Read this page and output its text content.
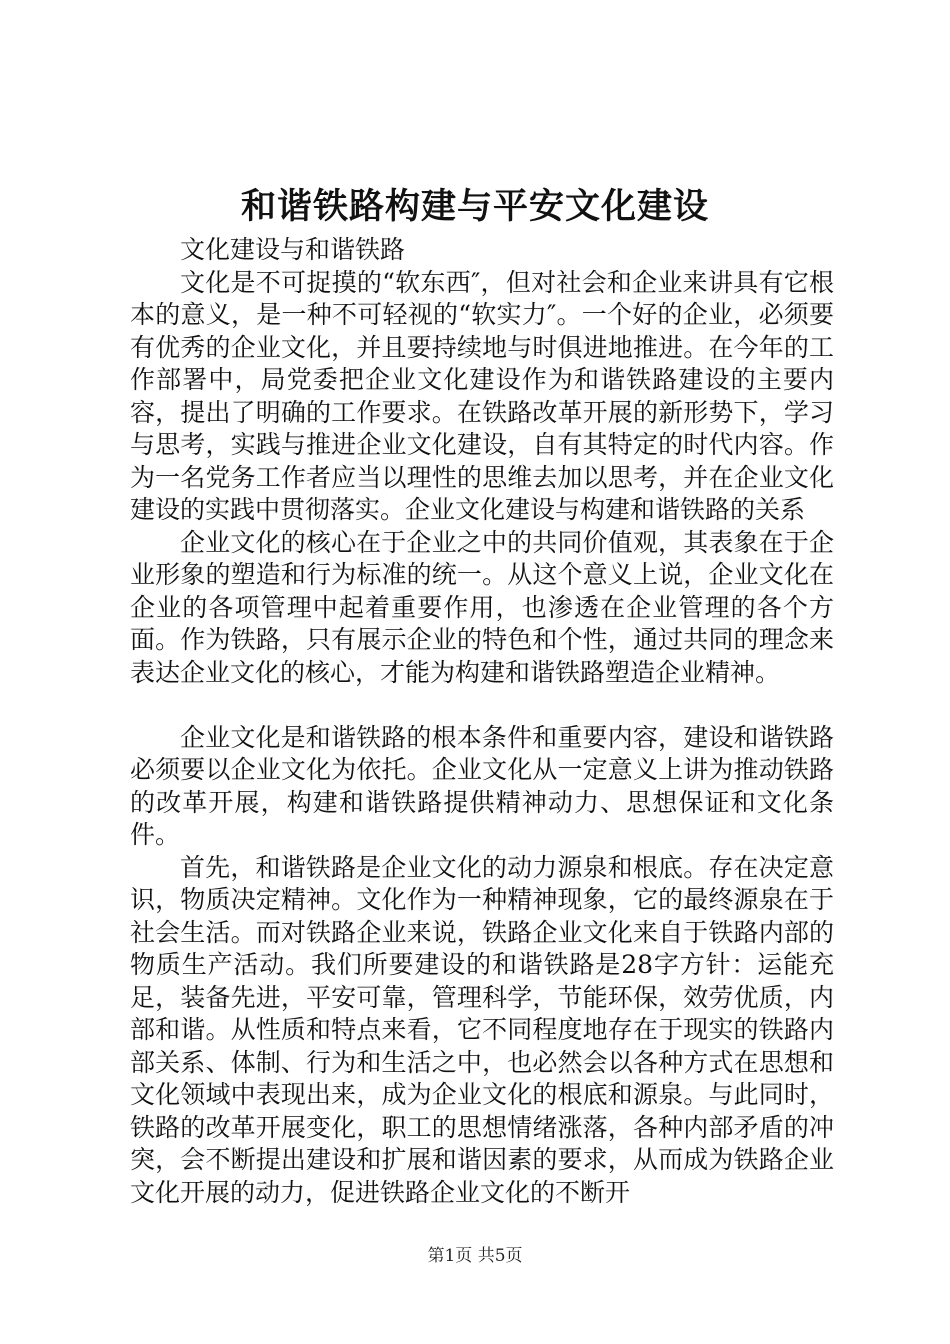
和谐铁路构建与平安文化建设

文化建设与和谐铁路

文化是不可捉摸的“软东西″，但对社会和企业来讲具有它根本的意义，是一种不可轻视的“软实力″。一个好的企业，必须要有优秀的企业文化，并且要持续地与时俱进地推进。在今年的工作部署中，局党委把企业文化建设作为和谐铁路建设的主要内容，提出了明确的工作要求。在铁路改革开展的新形势下，学习与思考，实践与推进企业文化建设，自有其特定的时代内容。作为一名党务工作者应当以理性的思维去加以思考，并在企业文化建设的实践中贯彻落实。企业文化建设与构建和谐铁路的关系

企业文化的核心在于企业之中的共同价值观，其表象在于企业形象的塑造和行为标准的统一。从这个意义上说，企业文化在企业的各项管理中起着重要作用，也渗透在企业管理的各个方面。作为铁路，只有展示企业的特色和个性，通过共同的理念来表达企业文化的核心，才能为构建和谐铁路塑造企业精神。

企业文化是和谐铁路的根本条件和重要内容，建设和谐铁路必须要以企业文化为依托。企业文化从一定意义上讲为推动铁路的改革开展，构建和谐铁路提供精神动力、思想保证和文化条件。

首先，和谐铁路是企业文化的动力源泉和根底。存在决定意识，物质决定精神。文化作为一种精神现象，它的最终源泉在于社会生活。而对铁路企业来说，铁路企业文化来自于铁路内部的物质生产活动。我们所要建设的和谐铁路是28字方针：运能充足，装备先进，平安可靠，管理科学，节能环保，效劳优质，内部和谐。从性质和特点来看，它不同程度地存在于现实的铁路内部关系、体制、行为和生活之中，也必然会以各种方式在思想和文化领域中表现出来，成为企业文化的根底和源泉。与此同时，铁路的改革开展变化，职工的思想情绪涨落，各种内部矛盾的冲突，会不断提出建设和扩展和谐因素的要求，从而成为铁路企业文化开展的动力，促进铁路企业文化的不断开

第1页 共5页
